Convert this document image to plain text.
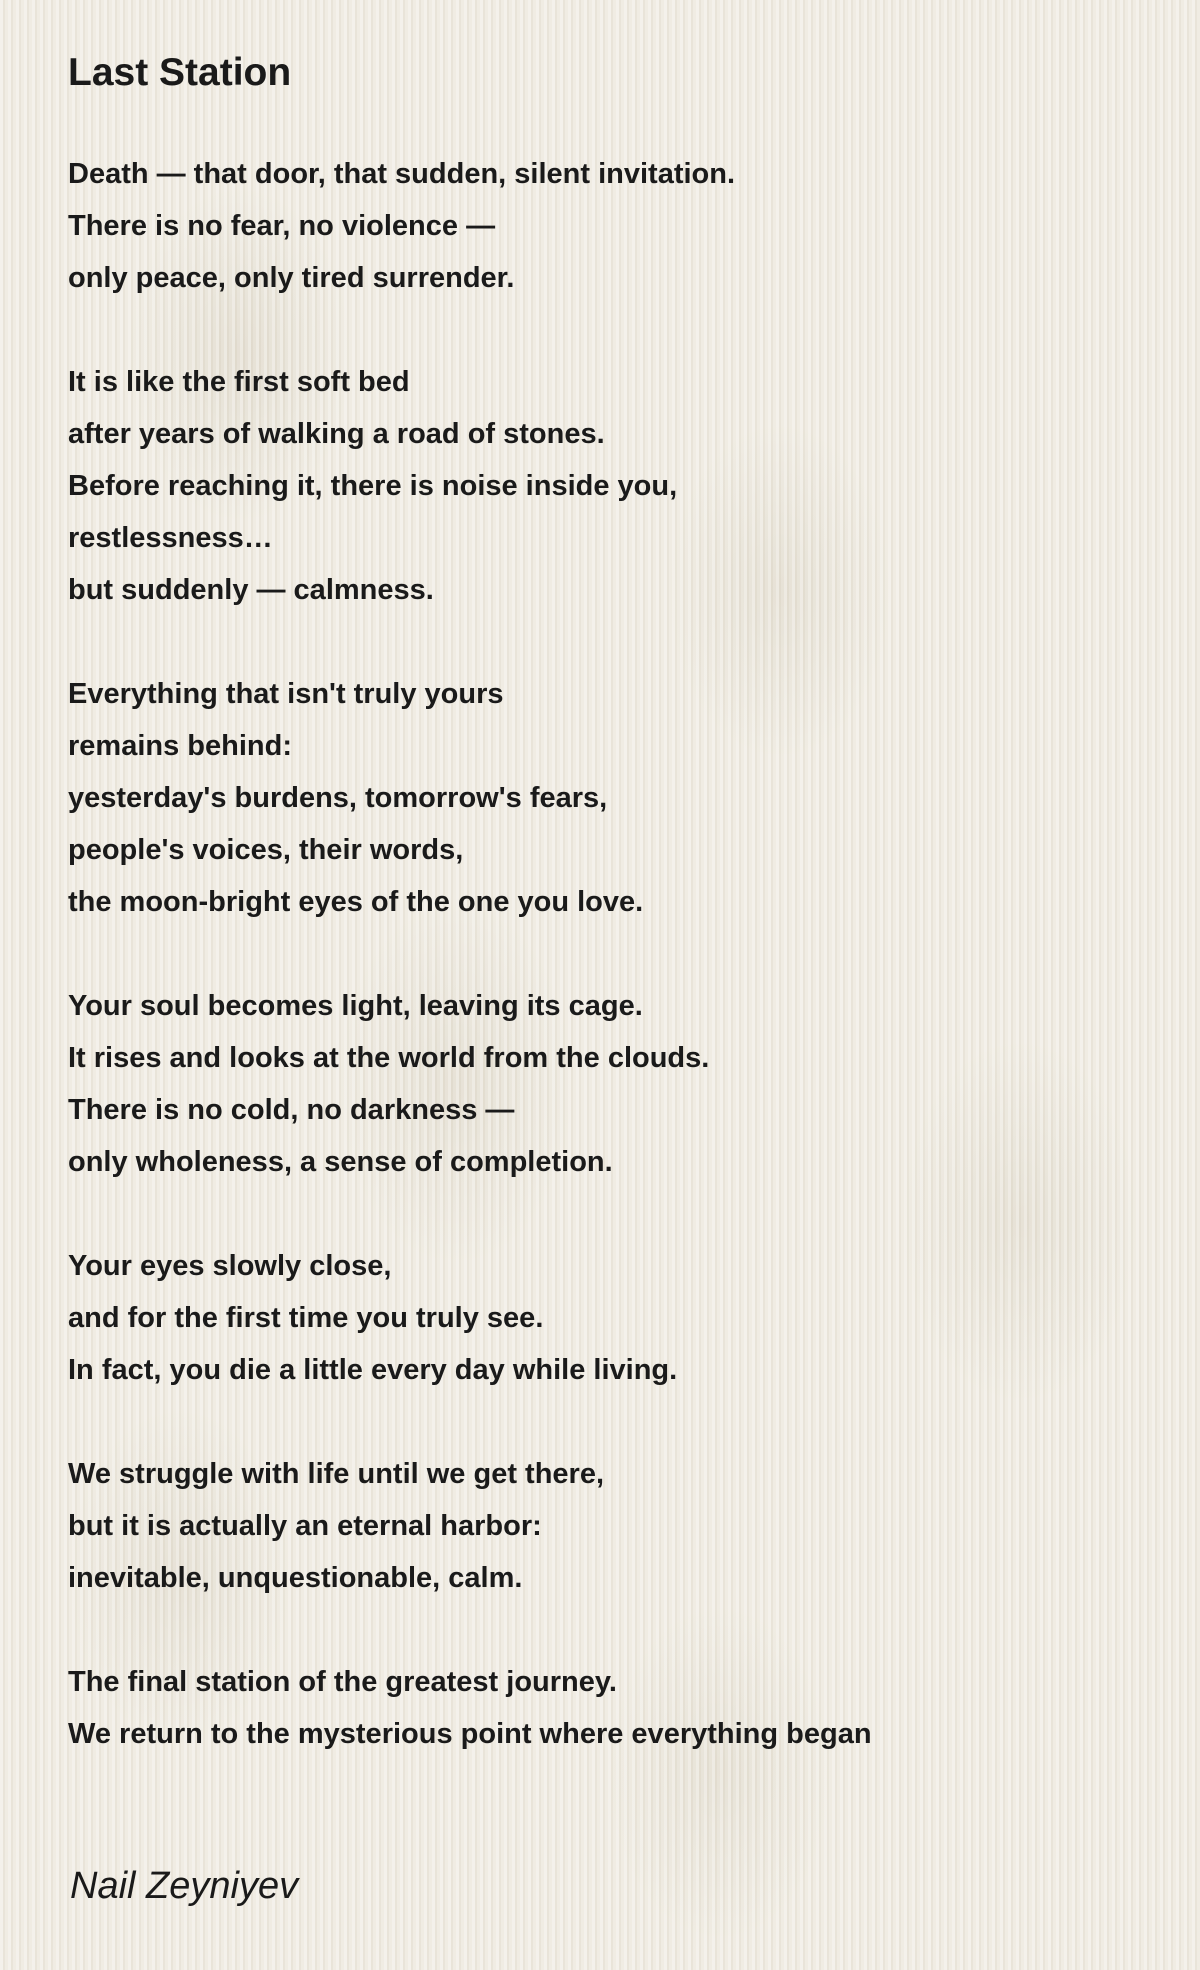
Last Station
Death — that door, that sudden, silent invitation.
There is no fear, no violence —
only peace, only tired surrender.
It is like the first soft bed
after years of walking a road of stones.
Before reaching it, there is noise inside you,
restlessness…
but suddenly — calmness.
Everything that isn't truly yours
remains behind:
yesterday's burdens, tomorrow's fears,
people's voices, their words,
the moon-bright eyes of the one you love.
Your soul becomes light, leaving its cage.
It rises and looks at the world from the clouds.
There is no cold, no darkness —
only wholeness, a sense of completion.
Your eyes slowly close,
and for the first time you truly see.
In fact, you die a little every day while living.
We struggle with life until we get there,
but it is actually an eternal harbor:
inevitable, unquestionable, calm.
The final station of the greatest journey.
We return to the mysterious point where everything began
Nail Zeyniyev
